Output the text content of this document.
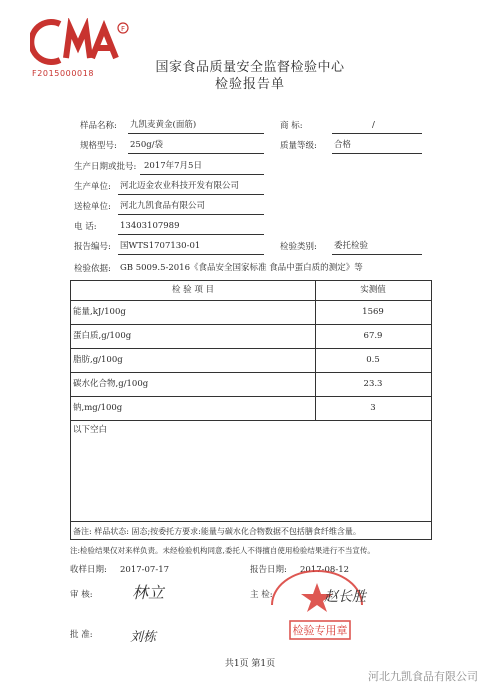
F
F2015000018	国家食品质量安全监督检验中心
检验报告单
样品名称: 九凯麦黄金(面筋)	商 标:	/
规格型号: 250g/袋	质量等级: 合格
生产日期或批号: 2017年7月5日
生产单位: 河北迈金农业科技开发有限公司
送检单位: 河北九凯食品有限公司
电 话:	13403107989
报告编号: 国WTS1707130-01	检验类别: 委托检验
检验依据: GB 5009.5-2016《食品安全国家标准 食品中蛋白质的测定》等
检 验 项 目	实测值
能量,kJ/100g	1569
蛋白质,g/100g	67.9
脂肪,g/100g	0.5
碳水化合物,g/100g	23.3
钠,mg/100g	3
以下空白
备注: 样品状态: 固态;按委托方要求:能量与碳水化合物数据不包括膳食纤维含量。
注:检验结果仅对来样负责。未经检验机构同意,委托人不得擅自使用检验结果进行不当宣传。
收样日期: 2017-07-17	报告日期: 2017-08-12
审 核:	主 检:
批 准:
林立
刘栋
赵长胜
检验专用章
共1页 第1页
河北九凯食品有限公司
